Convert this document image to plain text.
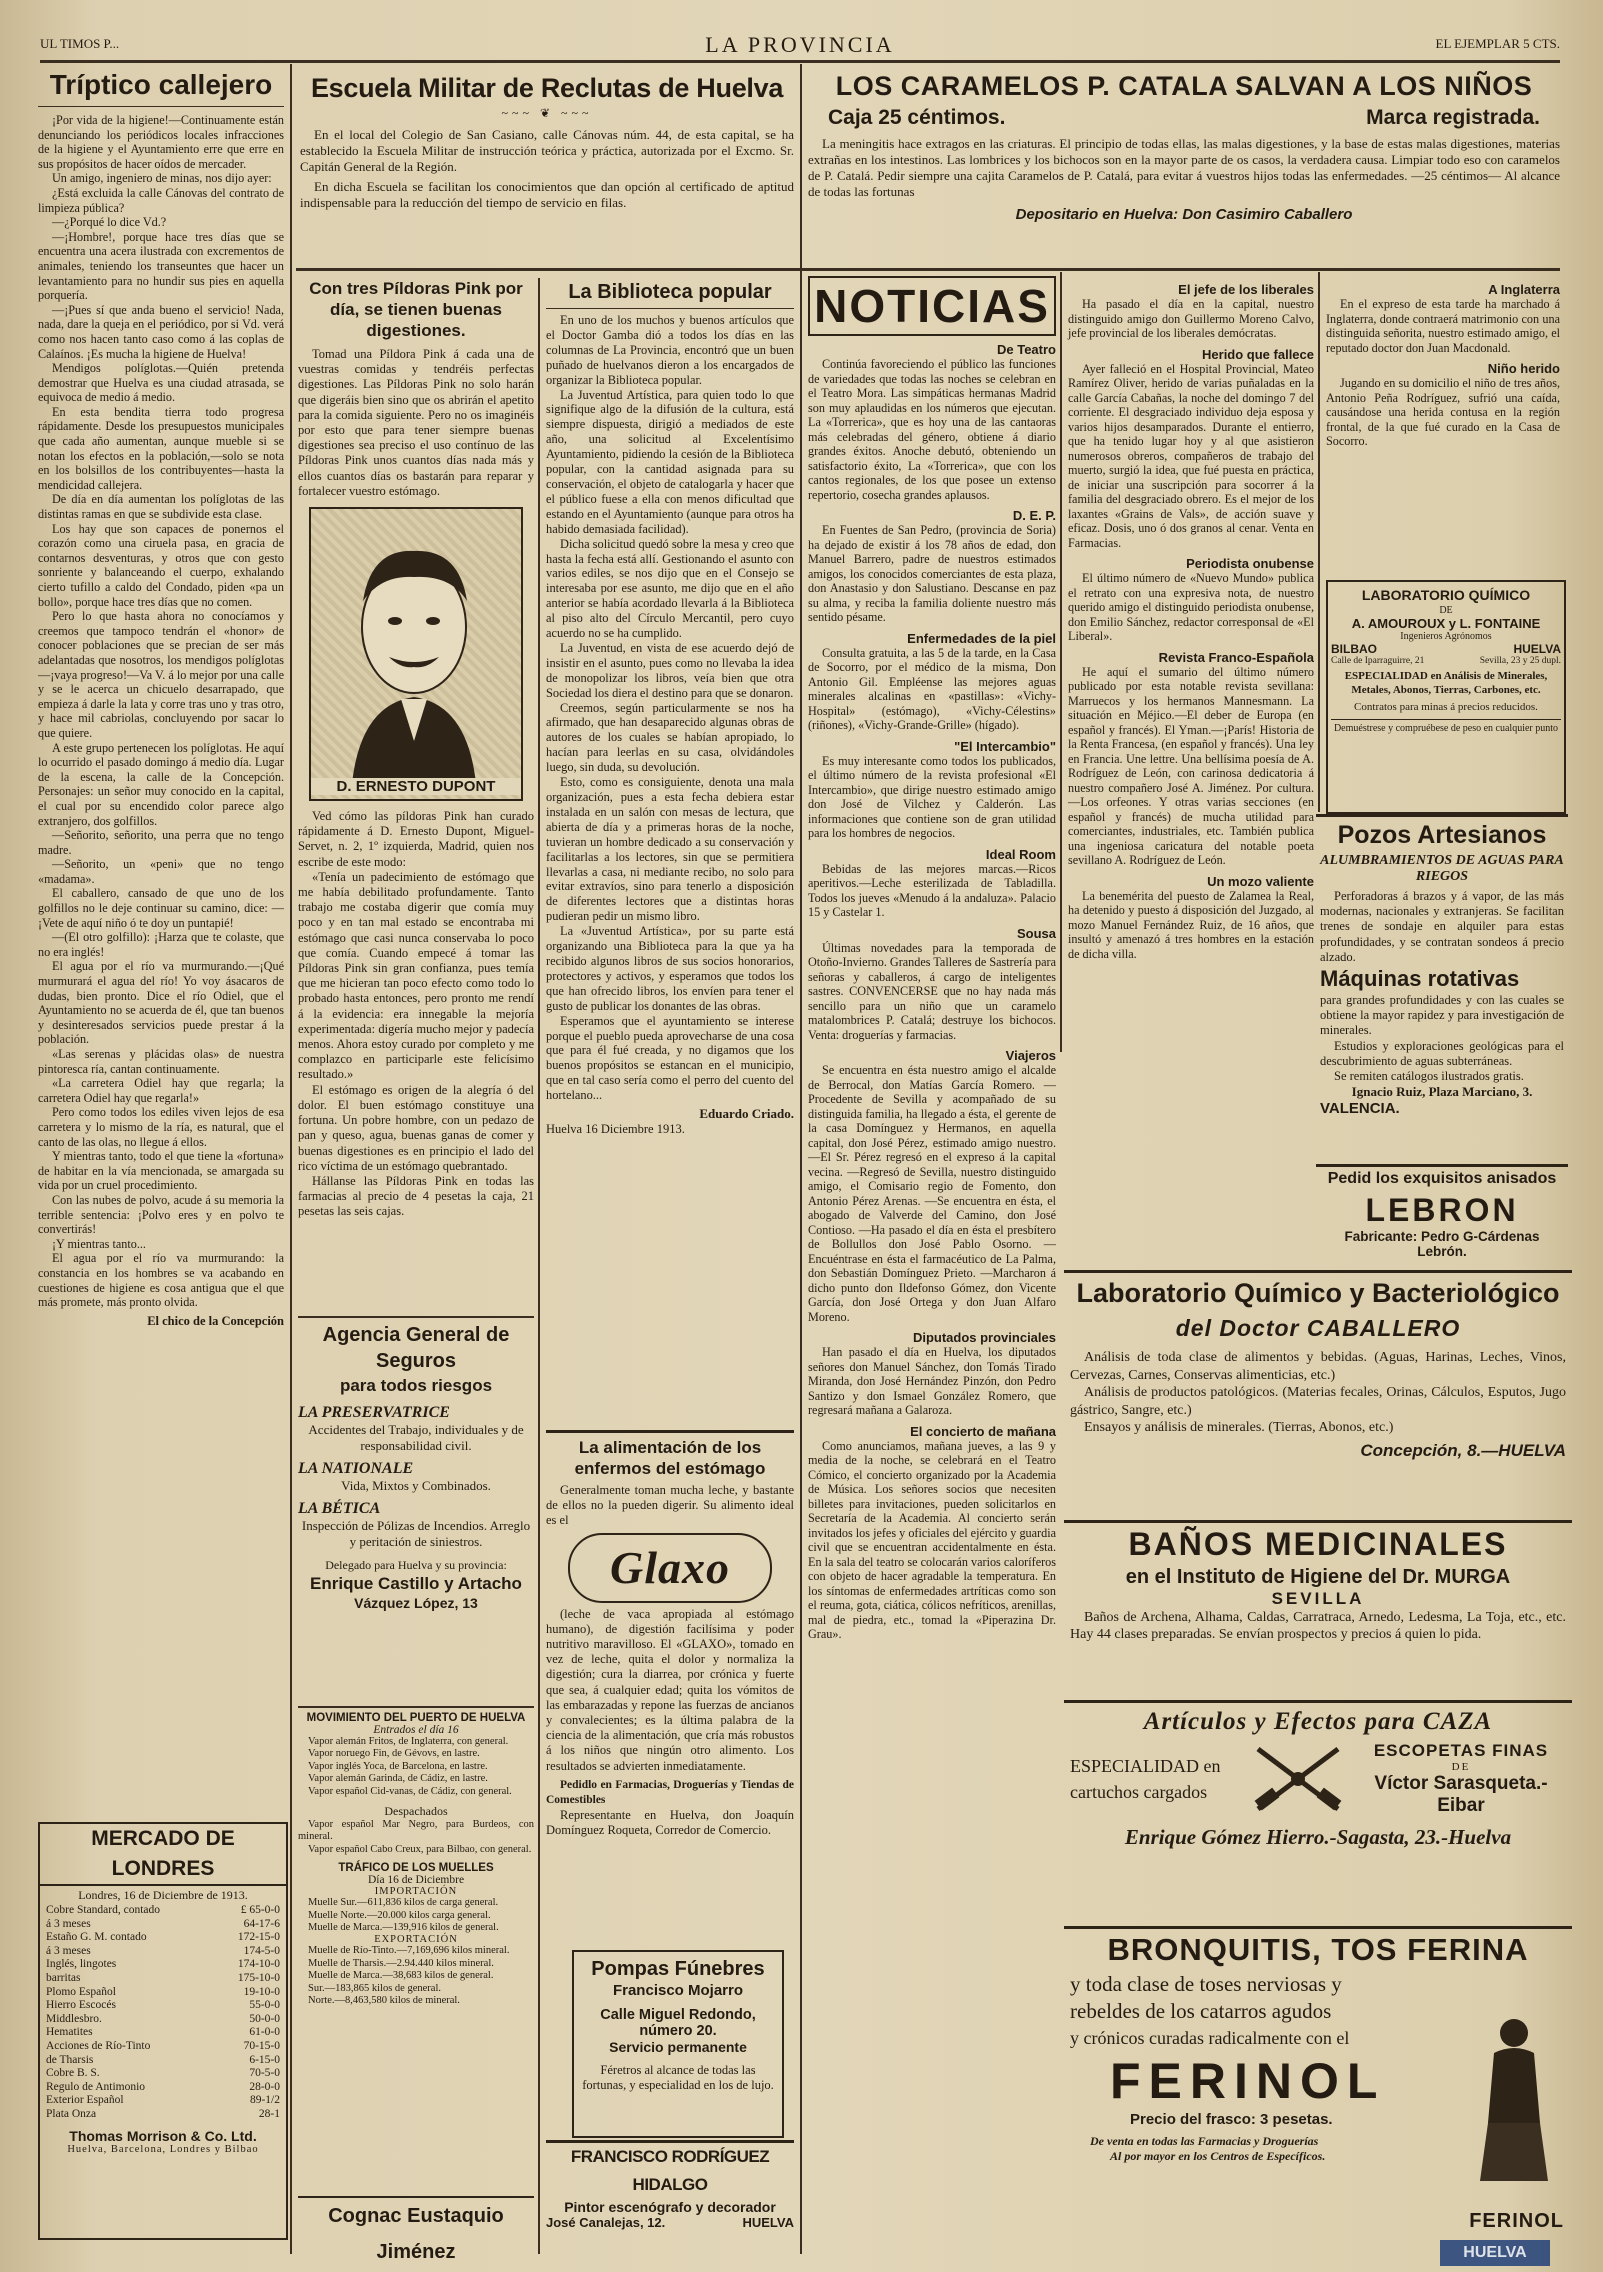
UL TIMOS P...	LA PROVINCIA	EL EJEMPLAR 5 CTS.
Tríptico callejero

¡Por vida de la higiene!—Continuamente están denunciando los periódicos locales infracciones de la higiene y el Ayuntamiento erre que erre en sus propósitos de hacer oídos de mercader.

Un amigo, ingeniero de minas, nos dijo ayer:

¿Está excluida la calle Cánovas del contrato de limpieza pública?

—¿Porqué lo dice Vd.?

—¡Hombre!, porque hace tres días que se encuentra una acera ilustrada con excrementos de animales, teniendo los transeuntes que hacer un levantamiento para no hundir sus pies en aquella porquería.

—¡Pues sí que anda bueno el servicio! Nada, nada, dare la queja en el periódico, por si Vd. verá como nos hacen tanto caso como á las coplas de Calaínos. ¡Es mucha la higiene de Huelva!

Mendigos políglotas.—Quién pretenda demostrar que Huelva es una ciudad atrasada, se equivoca de medio á medio.

En esta bendita tierra todo progresa rápidamente. Desde los presupuestos municipales que cada año aumentan, aunque mueble si se notan los efectos en la población,—solo se nota en los bolsillos de los contribuyentes—hasta la mendicidad callejera.

De día en día aumentan los políglotas de las distintas ramas en que se subdivide esta clase.

Los hay que son capaces de ponernos el corazón como una ciruela pasa, en gracia de contarnos desventuras, y otros que con gesto sonriente y balanceando el cuerpo, exhalando cierto tufillo a caldo del Condado, piden «pa un bollo», porque hace tres días que no comen.

Pero lo que hasta ahora no conocíamos y creemos que tampoco tendrán el «honor» de conocer poblaciones que se precian de ser más adelantadas que nosotros, los mendigos políglotas—¡vaya progreso!—Va V. á lo mejor por una calle y se le acerca un chicuelo desarrapado, que empieza á darle la lata y corre tras uno y tras otro, y hace mil cabriolas, concluyendo por sacar lo que quiere.

A este grupo pertenecen los políglotas. He aquí lo ocurrido el pasado domingo á medio día. Lugar de la escena, la calle de la Concepción. Personajes: un señor muy conocido en la capital, el cual por su encendido color parece algo extranjero, dos golfillos.

—Señorito, señorito, una perra que no tengo madre.

—Señorito, un «peni» que no tengo «madama».

El caballero, cansado de que uno de los golfillos no le deje continuar su camino, dice: —¡Vete de aquí niño ó te doy un puntapié!

—(El otro golfillo): ¡Harza que te colaste, que no era inglés!

El agua por el río va murmurando.—¡Qué murmurará el agua del río! Yo voy ásacaros de dudas, bien pronto. Dice el río Odiel, que el Ayuntamiento no se acuerda de él, que tan buenos y desinteresados servicios puede prestar á la población.

«Las serenas y plácidas olas» de nuestra pintoresca ría, cantan continuamente.

«La carretera Odiel hay que regarla; la carretera Odiel hay que regarla!»

Pero como todos los ediles viven lejos de esa carretera y lo mismo de la ría, es natural, que el canto de las olas, no llegue á ellos.

Y mientras tanto, todo el que tiene la «fortuna» de habitar en la vía mencionada, se amargada su vida por un cruel procedimiento.

Con las nubes de polvo, acude á su memoria la terrible sentencia: ¡Polvo eres y en polvo te convertirás!

¡Y mientras tanto...

El agua por el río va murmurando: la constancia en los hombres se va acabando en cuestiones de higiene es cosa antigua que el que más promete, más pronto olvida.

El chico de la Concepción
MERCADO DE LONDRES
Londres, 16 de Diciembre de 1913.
Cobre Standard, contado	£ 65-0-0
á 3 meses	64-17-6
Estaño G. M. contado	172-15-0
á 3 meses	174-5-0
Inglés, lingotes	174-10-0
barritas	175-10-0
Plomo Español	19-10-0
Hierro Escocés	55-0-0
Middlesbro.	50-0-0
Hematites	61-0-0
Acciones de Río-Tinto	70-15-0
de Tharsis	6-15-0
Cobre B. S.	70-5-0
Regulo de Antimonio	28-0-0
Exterior Español	89-1/2
Plata Onza	28-1
Thomas Morrison & Co. Ltd.
Huelva, Barcelona, Londres y Bilbao
Escuela Militar de Reclutas de Huelva
~~~ ❦ ~~~

En el local del Colegio de San Casiano, calle Cánovas núm. 44, de esta capital, se ha establecido la Escuela Militar de instrucción teórica y práctica, autorizada por el Excmo. Sr. Capitán General de la Región.

En dicha Escuela se facilitan los conocimientos que dan opción al certificado de aptitud indispensable para la reducción del tiempo de servicio en filas.

Con tres Píldoras Pink por día, se tienen buenas digestiones.

Tomad una Píldora Pink á cada una de vuestras comidas y tendréis perfectas digestiones. Las Píldoras Pink no solo harán que digeráis bien sino que os abrirán el apetito para la comida siguiente. Pero no os imaginéis por esto que para tener siempre buenas digestiones sea preciso el uso contínuo de las Píldoras Pink unos cuantos días nada más y ellos cuantos días os bastarán para reparar y fortalecer vuestro estómago.

D. ERNESTO DUPONT

Ved cómo las píldoras Pink han curado rápidamente á D. Ernesto Dupont, Miguel-Servet, n. 2, 1º izquierda, Madrid, quien nos escribe de este modo:

«Tenía un padecimiento de estómago que me había debilitado profundamente. Tanto trabajo me costaba digerir que comía muy poco y en tan mal estado se encontraba mi estómago que casi nunca conservaba lo poco que comía. Cuando empecé á tomar las Píldoras Pink sin gran confianza, pues temía que me hicieran tan poco efecto como todo lo probado hasta entonces, pero pronto me rendí á la evidencia: era innegable la mejoría experimentada: digería mucho mejor y padecía menos. Ahora estoy curado por completo y me complazco en participarle este felicísimo resultado.»

El estómago es origen de la alegría ó del dolor. El buen estómago constituye una fortuna. Un pobre hombre, con un pedazo de pan y queso, agua, buenas ganas de comer y buenas digestiones es en principio el lado del rico víctima de un estómago quebrantado.

Hállanse las Píldoras Pink en todas las farmacias al precio de 4 pesetas la caja, 21 pesetas las seis cajas.

Agencia General de Seguros
para todos riesgos
LA PRESERVATRICE
Accidentes del Trabajo, individuales y de responsabilidad civil.
LA NATIONALE
Vida, Mixtos y Combinados.
LA BÉTICA
Inspección de Pólizas de Incendios. Arreglo y peritación de siniestros.
Delegado para Huelva y su provincia:
Enrique Castillo y Artacho
Vázquez López, 13
MOVIMIENTO DEL PUERTO DE HUELVA
Entrados el día 16

Vapor alemán Fritos, de Inglaterra, con general.

Vapor noruego Fin, de Gévovs, en lastre.

Vapor inglés Yoca, de Barcelona, en lastre.

Vapor alemán Garinda, de Cádiz, en lastre.

Vapor español Cid-vanas, de Cádiz, con general.

Despachados

Vapor español Mar Negro, para Burdeos, con mineral.

Vapor español Cabo Creux, para Bilbao, con general.

TRÁFICO DE LOS MUELLES
Día 16 de Diciembre
IMPORTACIÓN

Muelle Sur.—611,836 kilos de carga general.

Muelle Norte.—20.000 kilos carga general.

Muelle de Marca.—139,916 kilos de general.

EXPORTACIÓN

Muelle de Río-Tinto.—7,169,696 kilos mineral.

Muelle de Tharsis.—2.94.440 kilos mineral.

Muelle de Marca.—38,683 kilos de general.

Sur.—183,865 kilos de general.

Norte.—8,463,580 kilos de mineral.

Cognac Eustaquio Jiménez
La Biblioteca popular

En uno de los muchos y buenos artículos que el Doctor Gamba dió a todos los días en las columnas de La Provincia, encontró que un buen puñado de huelvanos dieron a los encargados de organizar la Biblioteca popular.

La Juventud Artística, para quien todo lo que signifique algo de la difusión de la cultura, está siempre dispuesta, dirigió a mediados de este año, una solicitud al Excelentísimo Ayuntamiento, pidiendo la cesión de la Biblioteca popular, con la cantidad asignada para su conservación, el objeto de catalogarla y hacer que el público fuese a ella con menos dificultad que estando en el Ayuntamiento (aunque para otros ha habido demasiada facilidad).

Dicha solicitud quedó sobre la mesa y creo que hasta la fecha está allí. Gestionando el asunto con varios ediles, se nos dijo que en el Consejo se interesaba por ese asunto, me dijo que en el año anterior se había acordado llevarla á la Biblioteca al piso alto del Círculo Mercantil, pero cuyo acuerdo no se ha cumplido.

La Juventud, en vista de ese acuerdo dejó de insistir en el asunto, pues como no llevaba la idea de monopolizar los libros, veía bien que otra Sociedad los diera el destino para que se donaron.

Creemos, según particularmente se nos ha afirmado, que han desaparecido algunas obras de autores de los cuales se habían apropiado, lo hacían para leerlas en su casa, olvidándoles luego, sin duda, su devolución.

Esto, como es consiguiente, denota una mala organización, pues a esta fecha debiera estar instalada en un salón con mesas de lectura, que abierta de día y a primeras horas de la noche, tuvieran un hombre dedicado a su conservación y facilitarlas a los lectores, sin que se permitiera llevarlas a casa, ni mediante recibo, no solo para evitar extravíos, sino para tenerlo a disposición de diferentes lectores que a distintas horas pudieran pedir un mismo libro.

La «Juventud Artística», por su parte está organizando una Biblioteca para la que ya ha recibido algunos libros de sus socios honorarios, protectores y activos, y esperamos que todos los que han ofrecido libros, los envíen para tener el gusto de publicar los donantes de las obras.

Esperamos que el ayuntamiento se interese porque el pueblo pueda aprovecharse de una cosa que para él fué creada, y no digamos que los buenos propósitos se estancan en el municipio, que en tal caso sería como el perro del cuento del hortelano...

Eduardo Criado.
Huelva 16 Diciembre 1913.
La alimentación de los enfermos del estómago

Generalmente toman mucha leche, y bastante de ellos no la pueden digerir. Su alimento ideal es el

Glaxo

(leche de vaca apropiada al estómago humano), de digestión facilísima y poder nutritivo maravilloso. El «GLAXO», tomado en vez de leche, quita el dolor y normaliza la digestión; cura la diarrea, por crónica y fuerte que sea, á cualquier edad; quita los vómitos de las embarazadas y repone las fuerzas de ancianos y convalecientes; es la última palabra de la ciencia de la alimentación, que cría más robustos á los niños que ningún otro alimento. Los resultados se advierten inmediatamente.

Pedidlo en Farmacias, Droguerías y Tiendas de Comestibles

Representante en Huelva, don Joaquín Domínguez Roqueta, Corredor de Comercio.

Pompas Fúnebres
Francisco Mojarro
Calle Miguel Redondo, número 20.
Servicio permanente
Féretros al alcance de todas las fortunas, y especialidad en los de lujo.
FRANCISCO RODRÍGUEZ HIDALGO
Pintor escenógrafo y decorador
José Canalejas, 12.	HUELVA
LOS CARAMELOS P. CATALA SALVAN A LOS NIÑOS
Caja 25 céntimos.	Marca registrada.

La meningitis hace extragos en las criaturas. El principio de todas ellas, las malas digestiones, y la base de estas malas digestiones, materias extrañas en los intestinos. Las lombrices y los bichocos son en la mayor parte de os casos, la verdadera causa. Limpiar todo eso con caramelos de P. Catalá. Pedir siempre una cajita Caramelos de P. Catalá, para evitar á vuestros hijos todas las enfermedades. —25 céntimos— Al alcance de todas las fortunas

Depositario en Huelva: Don Casimiro Caballero
NOTICIAS
De Teatro

Continúa favoreciendo el público las funciones de variedades que todas las noches se celebran en el Teatro Mora. Las simpáticas hermanas Madrid son muy aplaudidas en los números que ejecutan. La «Torrerica», que es hoy una de las cantaoras más celebradas del género, obtiene á diario grandes éxitos. Anoche debutó, obteniendo un satisfactorio éxito, La «Torrerica», que con los cantos regionales, de los que posee un extenso repertorio, cosecha grandes aplausos.

D. E. P.

En Fuentes de San Pedro, (provincia de Soria) ha dejado de existir á los 78 años de edad, don Manuel Barrero, padre de nuestros estimados amigos, los conocidos comerciantes de esta plaza, don Anastasio y don Salustiano. Descanse en paz su alma, y reciba la familia doliente nuestro más sentido pésame.

Enfermedades de la piel

Consulta gratuita, a las 5 de la tarde, en la Casa de Socorro, por el médico de la misma, Don Antonio Gil. Empléense las mejores aguas minerales alcalinas en «pastillas»: «Vichy-Hospital» (estómago), «Vichy-Célestins» (riñones), «Vichy-Grande-Grille» (hígado).

"El Intercambio"

Es muy interesante como todos los publicados, el último número de la revista profesional «El Intercambio», que dirige nuestro estimado amigo don José de Vilchez y Calderón. Las informaciones que contiene son de gran utilidad para los hombres de negocios.

Ideal Room

Bebidas de las mejores marcas.—Ricos aperitivos.—Leche esterilizada de Tabladilla. Todos los jueves «Menudo á la andaluza». Palacio 15 y Castelar 1.

Sousa

Últimas novedades para la temporada de Otoño-Invierno. Grandes Talleres de Sastrería para señoras y caballeros, á cargo de inteligentes sastres. CONVENCERSE que no hay nada más sencillo para un niño que un caramelo matalombrices P. Catalá; destruye los bichocos. Venta: droguerías y farmacias.

Viajeros

Se encuentra en ésta nuestro amigo el alcalde de Berrocal, don Matías García Romero. —Procedente de Sevilla y acompañado de su distinguida familia, ha llegado a ésta, el gerente de la casa Domínguez y Hermanos, en aquella capital, don José Pérez, estimado amigo nuestro. —El Sr. Pérez regresó en el expreso á la capital vecina. —Regresó de Sevilla, nuestro distinguido amigo, el Comisario regio de Fomento, don Antonio Pérez Arenas. —Se encuentra en ésta, el abogado de Valverde del Camino, don José Contioso. —Ha pasado el día en ésta el presbítero de Bollullos don José Pablo Osorno. —Encuéntrase en ésta el farmacéutico de La Palma, don Sebastián Domínguez Prieto. —Marcharon á dicho punto don Ildefonso Gómez, don Vicente García, don José Ortega y don Juan Alfaro Moreno.

Diputados provinciales

Han pasado el día en Huelva, los diputados señores don Manuel Sánchez, don Tomás Tirado Miranda, don José Hernández Pinzón, don Pedro Santizo y don Ismael González Romero, que regresará mañana a Galaroza.

El concierto de mañana

Como anunciamos, mañana jueves, a las 9 y media de la noche, se celebrará en el Teatro Cómico, el concierto organizado por la Academia de Música. Los señores socios que necesiten billetes para invitaciones, pueden solicitarlos en Secretaría de la Academia. Al concierto serán invitados los jefes y oficiales del ejército y guardia civil que se encuentran accidentalmente en ésta. En la sala del teatro se colocarán varios caloríferos con objeto de hacer agradable la temperatura. En los síntomas de enfermedades artríticas como son el reuma, gota, ciática, cólicos nefríticos, arenillas, mal de piedra, etc., tomad la «Piperazina Dr. Grau».

El jefe de los liberales

Ha pasado el día en la capital, nuestro distinguido amigo don Guillermo Moreno Calvo, jefe provincial de los liberales demócratas.

Herido que fallece

Ayer falleció en el Hospital Provincial, Mateo Ramírez Oliver, herido de varias puñaladas en la calle García Cabañas, la noche del domingo 7 del corriente. El desgraciado individuo deja esposa y varios hijos desamparados. Durante el entierro, que ha tenido lugar hoy y al que asistieron numerosos obreros, compañeros de trabajo del muerto, surgió la idea, que fué puesta en práctica, de iniciar una suscripción para socorrer á la familia del desgraciado obrero. Es el mejor de los laxantes «Grains de Vals», de acción suave y eficaz. Dosis, uno ó dos granos al cenar. Venta en Farmacias.

Periodista onubense

El último número de «Nuevo Mundo» publica el retrato con una expresiva nota, de nuestro querido amigo el distinguido periodista onubense, don Emilio Sánchez, redactor corresponsal de «El Liberal».

Revista Franco-Española

He aquí el sumario del último número publicado por esta notable revista sevillana: Marruecos y los hermanos Mannesmann. La situación en Méjico.—El deber de Europa (en español y francés). El Yman.—¡París! Historia de la Renta Francesa, (en español y francés). Una ley en Francia. Une lettre. Una bellísima poesía de A. Rodríguez de León, con carinosa dedicatoria á nuestro compañero José A. Jiménez. Por cultura.—Los orfeones. Y otras varias secciones (en español y francés) de mucha utilidad para comerciantes, industriales, etc. También publica una ingeniosa caricatura del notable poeta sevillano A. Rodríguez de León.

Un mozo valiente

La benemérita del puesto de Zalamea la Real, ha detenido y puesto á disposición del Juzgado, al mozo Manuel Fernández Ruiz, de 16 años, que insultó y amenazó á tres hombres en la estación de dicha villa.

A Inglaterra

En el expreso de esta tarde ha marchado á Inglaterra, donde contraerá matrimonio con una distinguida señorita, nuestro estimado amigo, el reputado doctor don Juan Macdonald.

Niño herido

Jugando en su domicilio el niño de tres años, Antonio Peña Rodríguez, sufrió una caída, causándose una herida contusa en la región frontal, de la que fué curado en la Casa de Socorro.

LABORATORIO QUÍMICO
DE
A. AMOUROUX y L. FONTAINE
Ingenieros Agrónomos
BILBAO	HUELVA
Calle de Iparraguirre, 21	Sevilla, 23 y 25 dupl.
ESPECIALIDAD en Análisis de Minerales, Metales, Abonos, Tierras, Carbones, etc.
Contratos para minas á precios reducidos.
Demuéstrese y compruébese de peso en cualquier punto
Pozos Artesianos
ALUMBRAMIENTOS DE AGUAS PARA RIEGOS

Perforadoras á brazos y á vapor, de las más modernas, nacionales y extranjeras. Se facilitan trenes de sondaje en alquiler para estas profundidades, y se contratan sondeos á precio alzado.

Máquinas rotativas

para grandes profundidades y con las cuales se obtiene la mayor rapidez y para investigación de minerales.

Estudios y exploraciones geológicas para el descubrimiento de aguas subterráneas.

Se remiten catálogos ilustrados gratis.

Ignacio Ruiz, Plaza Marciano, 3.
VALENCIA.
Pedid los exquisitos anisados
LEBRON
Fabricante: Pedro G-Cárdenas Lebrón.
Laboratorio Químico y Bacteriológico
del Doctor CABALLERO

Análisis de toda clase de alimentos y bebidas. (Aguas, Harinas, Leches, Vinos, Cervezas, Carnes, Conservas alimenticias, etc.)

Análisis de productos patológicos. (Materias fecales, Orinas, Cálculos, Esputos, Jugo gástrico, Sangre, etc.)

Ensayos y análisis de minerales. (Tierras, Abonos, etc.)

Concepción, 8.—HUELVA
BAÑOS MEDICINALES
en el Instituto de Higiene del Dr. MURGA
SEVILLA

Baños de Archena, Alhama, Caldas, Carratraca, Arnedo, Ledesma, La Toja, etc., etc. Hay 44 clases preparadas. Se envían prospectos y precios á quien lo pida.

Artículos y Efectos para CAZA
ESPECIALIDAD en
cartuchos cargados
ESCOPETAS FINAS
DE
Víctor Sarasqueta.-Eibar
Enrique Gómez Hierro.-Sagasta, 23.-Huelva
BRONQUITIS, TOS FERINA
y toda clase de toses nerviosas y
rebeldes de los catarros agudos
y crónicos curadas radicalmente con el
FERINOL
Precio del frasco: 3 pesetas.
De venta en todas las Farmacias y Droguerías
Al por mayor en los Centros de Específicos.
FERINOL
HUELVA
